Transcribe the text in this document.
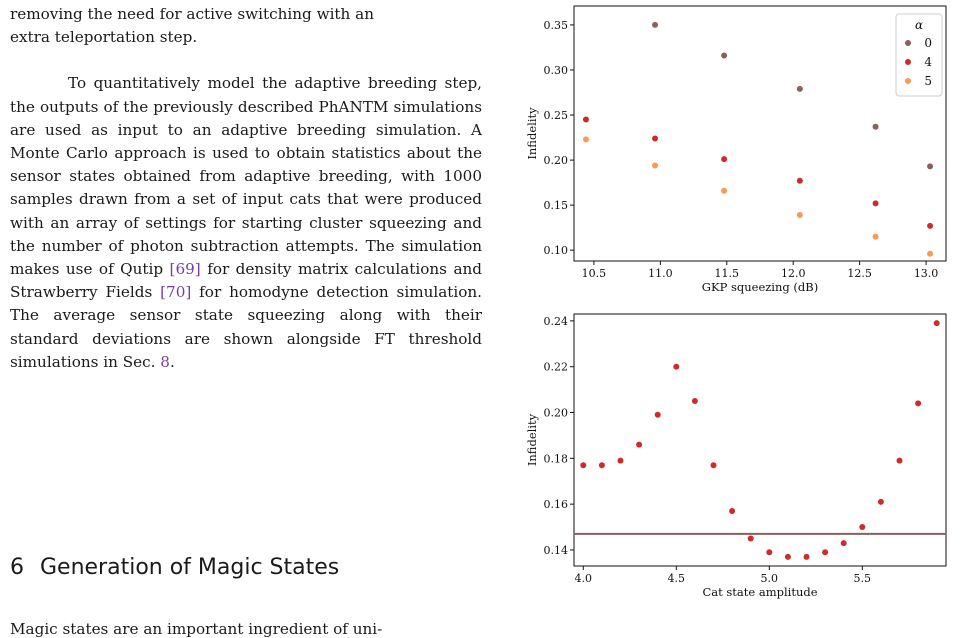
removing the need for active switching with an
extra teleportation step.

To quantitatively model the adaptive breeding step, the outputs of the previously described PhANTM simulations are used as input to an adaptive breeding simulation. A Monte Carlo approach is used to obtain statistics about the sensor states obtained from adaptive breeding, with 1000 samples drawn from a set of input cats that were produced with an array of settings for starting cluster squeezing and the number of photon subtraction attempts. The simulation makes use of Qutip [69] for density matrix calculations and Strawberry Fields [70] for homodyne detection simulation. The average sensor state squeezing along with their standard deviations are shown alongside FT threshold simulations in Sec. 8.

6 Generation of Magic States
Magic states are an important ingredient of uni-
10.5	11.0	11.5	12.0	12.5	13.0
0.10
0.15
0.20
0.25
0.30
0.35
GKP squeezing (dB)
Infidelity
α
0
4
5
4.0	4.5	5.0	5.5
0.14
0.16
0.18
0.20
0.22
0.24
Cat state amplitude
Infidelity
